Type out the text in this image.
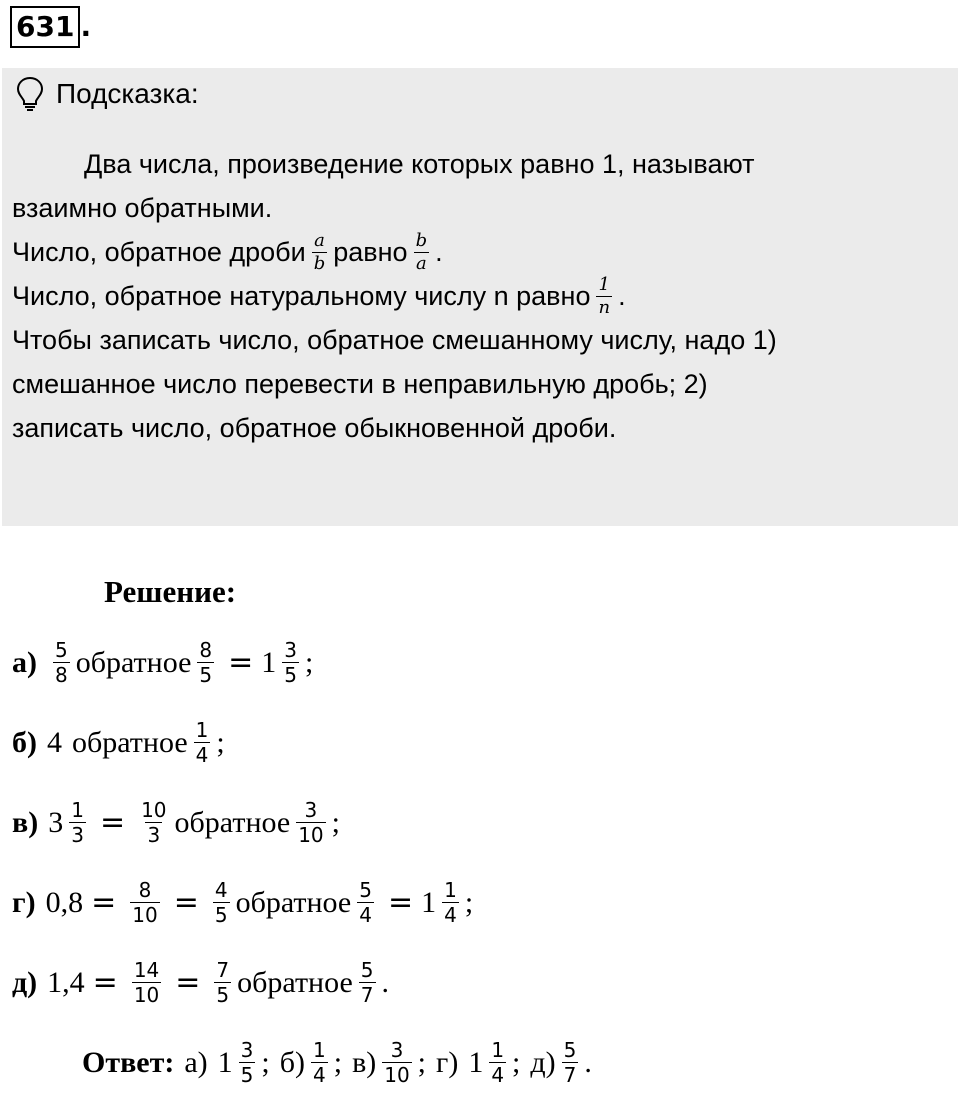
631 .
Подсказка:
Два числа, произведение которых равно 1, называют
взаимно обратными.
Число, обратное дроби $\frac{a}{b}$ равно $\frac{b}{a}$ .
Число, обратное натуральному числу n равно $\frac{1}{n}$ .
Чтобы записать число, обратное смешанному числу, надо 1)
смешанное число перевести в неправильную дробь; 2)
записать число, обратное обыкновенной дроби.
Решение:
$а) \frac{5}{8}$ обратное $\frac{8}{5} = 1 \frac{3}{5}$ ;
б) 4 обратное $\frac{1}{4}$ ;
в) $3 \frac{1}{3} = \frac{10}{3}$ обратное $\frac{3}{10}$ ;
г) $0,8 = \frac{8}{10} = \frac{4}{5}$ обратное $\frac{5}{4} = 1 \frac{1}{4}$ ;
д) $1,4 = \frac{14}{10} = \frac{7}{5}$ обратное $\frac{5}{7}$ .
Ответ: а) $1 \frac{3}{5}$ ; $б) \frac{1}{4}$ ; $в) \frac{3}{10}$ ; г) $1 \frac{1}{4}$ ; $д) \frac{5}{7}$ .
